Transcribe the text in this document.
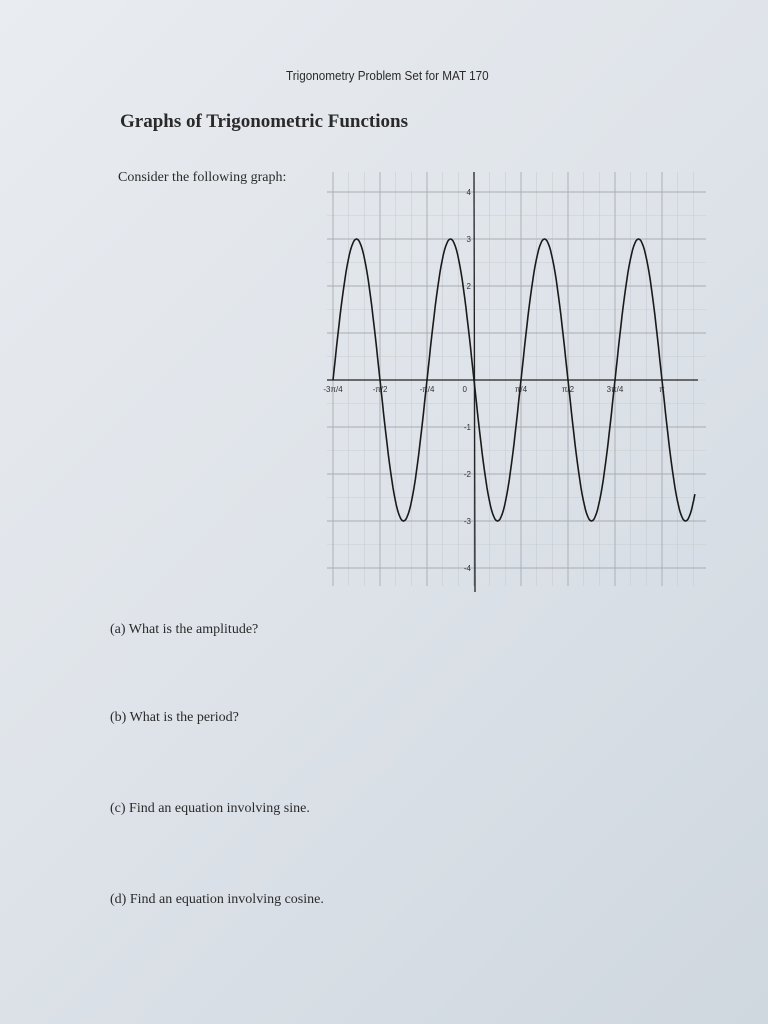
Trigonometry Problem Set for MAT 170
Graphs of Trigonometric Functions
Consider the following graph:
(a) What is the amplitude?
(b) What is the period?
(c) Find an equation involving sine.
(d) Find an equation involving cosine.
-3π/4	-π/2	-π/4	0	π/4	π/2	3π/4	π
4
3
2
-1
-2
-3
-4
